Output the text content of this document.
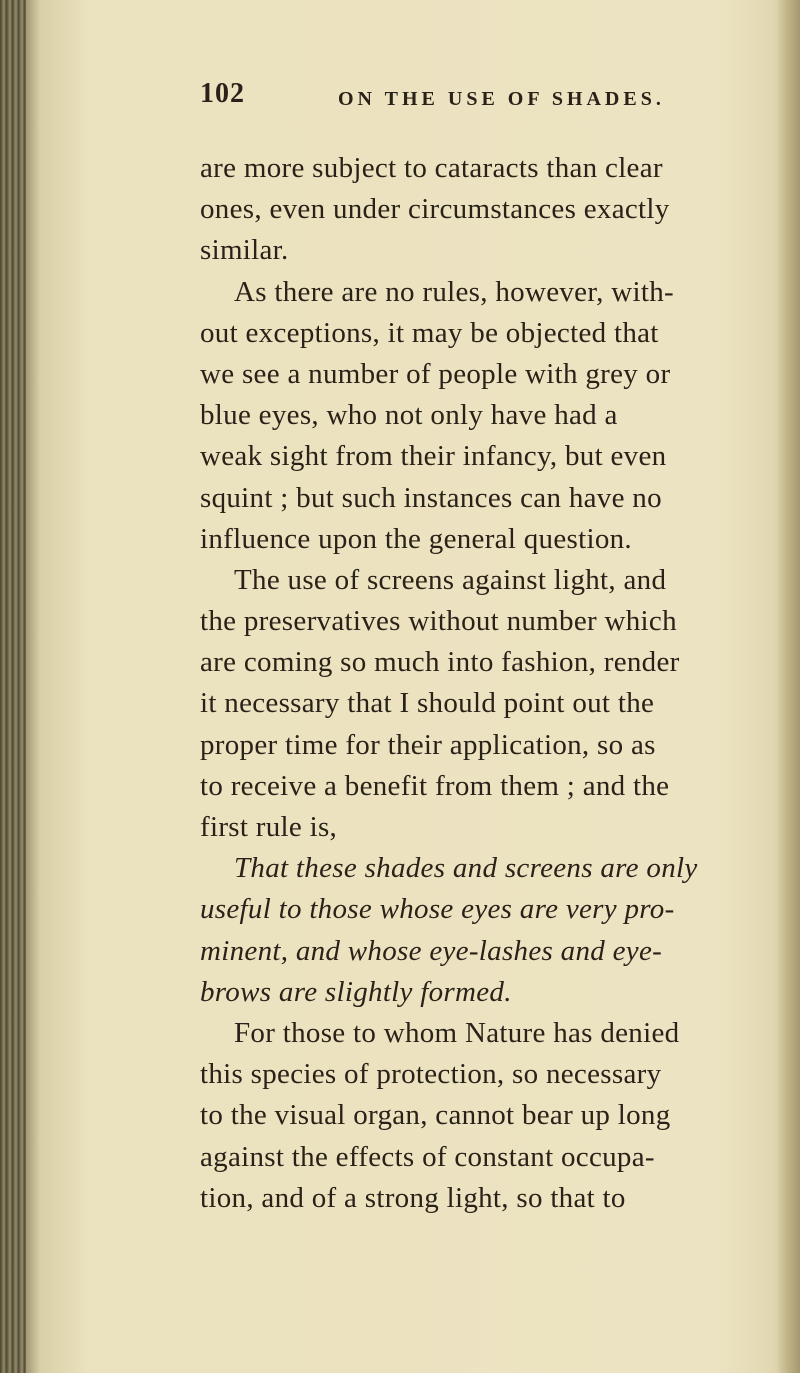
102	ON THE USE OF SHADES.
are more subject to cataracts than clear
ones, even under circumstances exactly
similar.
As there are no rules, however, with-
out exceptions, it may be objected that
we see a number of people with grey or
blue eyes, who not only have had a
weak sight from their infancy, but even
squint ; but such instances can have no
influence upon the general question.
The use of screens against light, and
the preservatives without number which
are coming so much into fashion, render
it necessary that I should point out the
proper time for their application, so as
to receive a benefit from them ; and the
first rule is,
That these shades and screens are only
useful to those whose eyes are very pro-
minent, and whose eye-lashes and eye-
brows are slightly formed.
For those to whom Nature has denied
this species of protection, so necessary
to the visual organ, cannot bear up long
against the effects of constant occupa-
tion, and of a strong light, so that to
